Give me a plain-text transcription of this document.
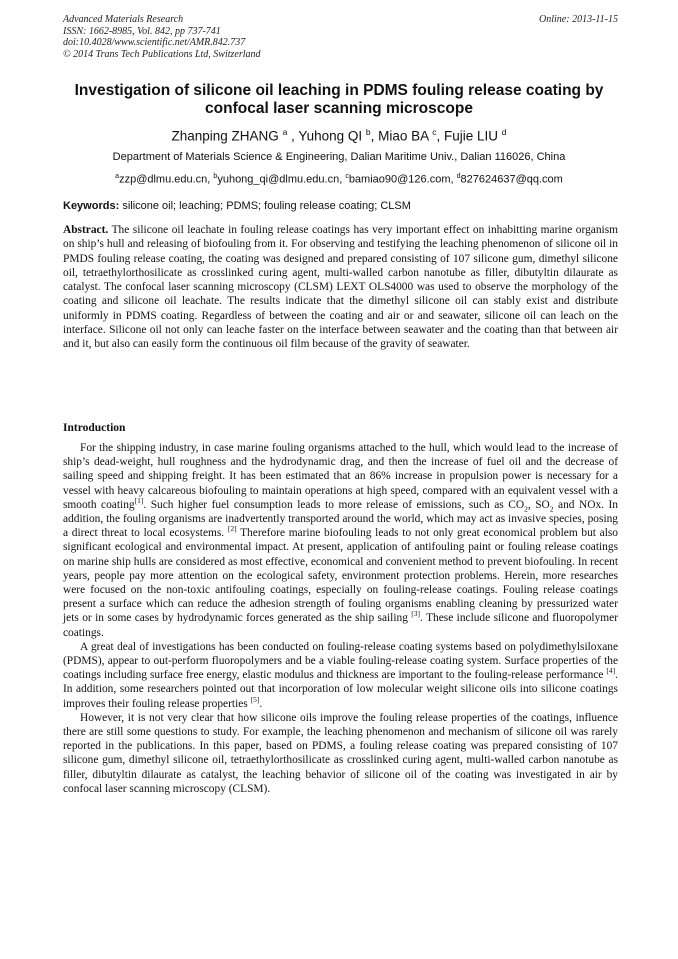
Advanced Materials Research
ISSN: 1662-8985, Vol. 842, pp 737-741
doi:10.4028/www.scientific.net/AMR.842.737
© 2014 Trans Tech Publications Ltd, Switzerland
Online: 2013-11-15
Investigation of silicone oil leaching in PDMS fouling release coating by confocal laser scanning microscope
Zhanping ZHANG $^a$ , Yuhong QI $^b$, Miao BA $^c$, Fujie LIU $^d$
Department of Materials Science & Engineering, Dalian Maritime Univ., Dalian 116026, China
$^a$zzp@dlmu.edu.cn, $^b$yuhong_qi@dlmu.edu.cn, $^c$bamiao90@126.com, $^d$827624637@qq.com
Keywords: silicone oil; leaching; PDMS; fouling release coating; CLSM

Abstract. The silicone oil leachate in fouling release coatings has very important effect on inhabitting marine organism on ship’s hull and releasing of biofouling from it. For observing and testifying the leaching phenomenon of silicone oil in PMDS fouling release coating, the coating was designed and prepared consisting of 107 silicone gum, dimethyl silicone oil, tetraethylorthosilicate as crosslinked curing agent, multi-walled carbon nanotube as filler, dibutyltin dilaurate as catalyst. The confocal laser scanning microscopy (CLSM) LEXT OLS4000 was used to observe the morphology of the coating and silicone oil leachate. The results indicate that the dimethyl silicone oil can stably exist and distribute uniformly in PDMS coating. Regardless of between the coating and air or and seawater, silicone oil can leach on the interface. Silicone oil not only can leache faster on the interface between seawater and the coating than that between air and it, but also can easily form the continuous oil film because of the gravity of seawater.

Introduction

For the shipping industry, in case marine fouling organisms attached to the hull, which would lead to the increase of ship’s dead-weight, hull roughness and the hydrodynamic drag, and then the increase of fuel oil and the decrease of sailing speed and shipping freight. It has been estimated that an 86% increase in propulsion power is necessary for a vessel with heavy calcareous biofouling to maintain operations at high speed, compared with an equivalent vessel with a smooth coating[1]. Such higher fuel consumption leads to more release of emissions, such as $CO_2$, $SO_2$ and NOx. In addition, the fouling organisms are inadvertently transported around the world, which may act as invasive species, posing a direct threat to local ecosystems. [2] Therefore marine biofouling leads to not only great economical problem but also significant ecological and environmental impact. At present, application of antifouling paint or fouling release coatings on marine ship hulls are considered as most effective, economical and convenient method to prevent biofouling. In recent years, people pay more attention on the ecological safety, environment protection problems. Herein, more researches were focused on the non-toxic antifouling coatings, especially on fouling-release coatings. Fouling release coatings present a surface which can reduce the adhesion strength of fouling organisms enabling cleaning by pressurized water jets or in some cases by hydrodynamic forces generated as the ship sailing [3]. These include silicone and fluoropolymer coatings.

A great deal of investigations has been conducted on fouling-release coating systems based on polydimethylsiloxane (PDMS), appear to out-perform fluoropolymers and be a viable fouling-release coating system. Surface properties of the coatings including surface free energy, elastic modulus and thickness are important to the fouling-release performance [4]. In addition, some researchers pointed out that incorporation of low molecular weight silicone oils into silicone coatings improves their fouling release properties [5].

However, it is not very clear that how silicone oils improve the fouling release properties of the coatings, influence there are still some questions to study. For example, the leaching phenomenon and mechanism of silicone oil was rarely reported in the publications. In this paper, based on PDMS, a fouling release coating was prepared consisting of 107 silicone gum, dimethyl silicone oil, tetraethylorthosilicate as crosslinked curing agent, multi-walled carbon nanotube as filler, dibutyltin dilaurate as catalyst, the leaching behavior of silicone oil of the coating was investigated in air by confocal laser scanning microscopy (CLSM).
